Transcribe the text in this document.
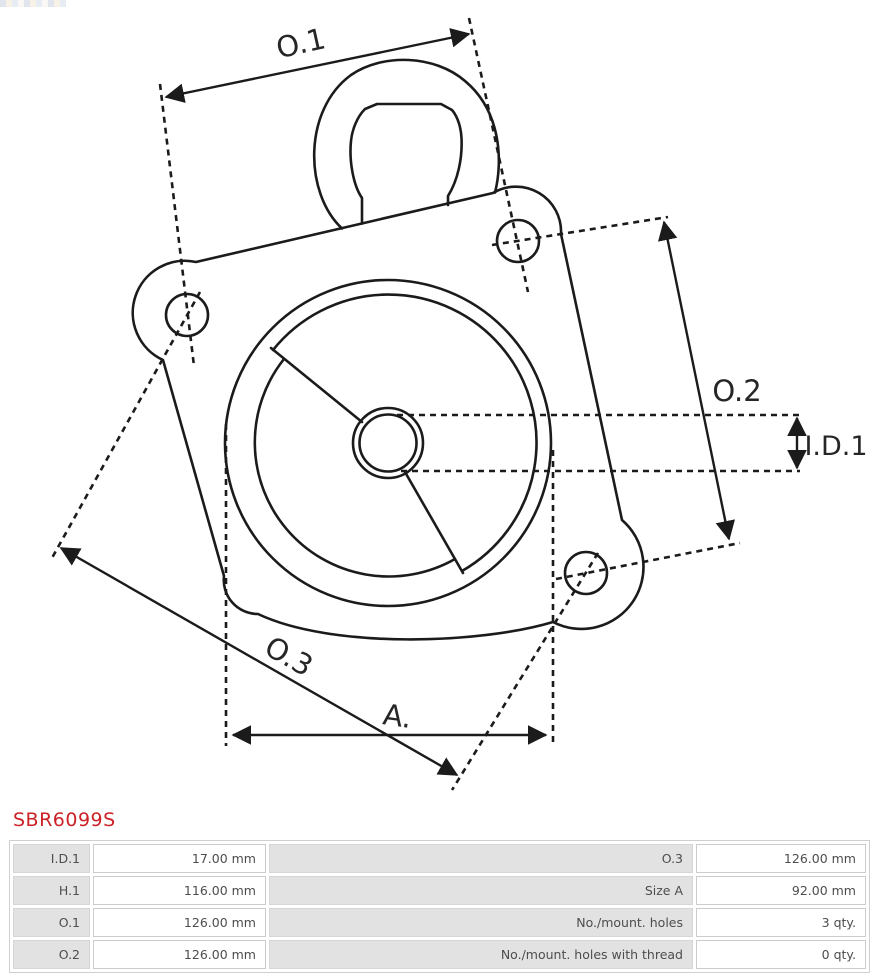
O.1
O.2
I.D.1
O.3
A.
SBR6099S
I.D.1	17.00 mm	O.3	126.00 mm
H.1	116.00 mm	Size A	92.00 mm
O.1	126.00 mm	No./mount. holes	3 qty.
O.2	126.00 mm	No./mount. holes with thread	0 qty.
